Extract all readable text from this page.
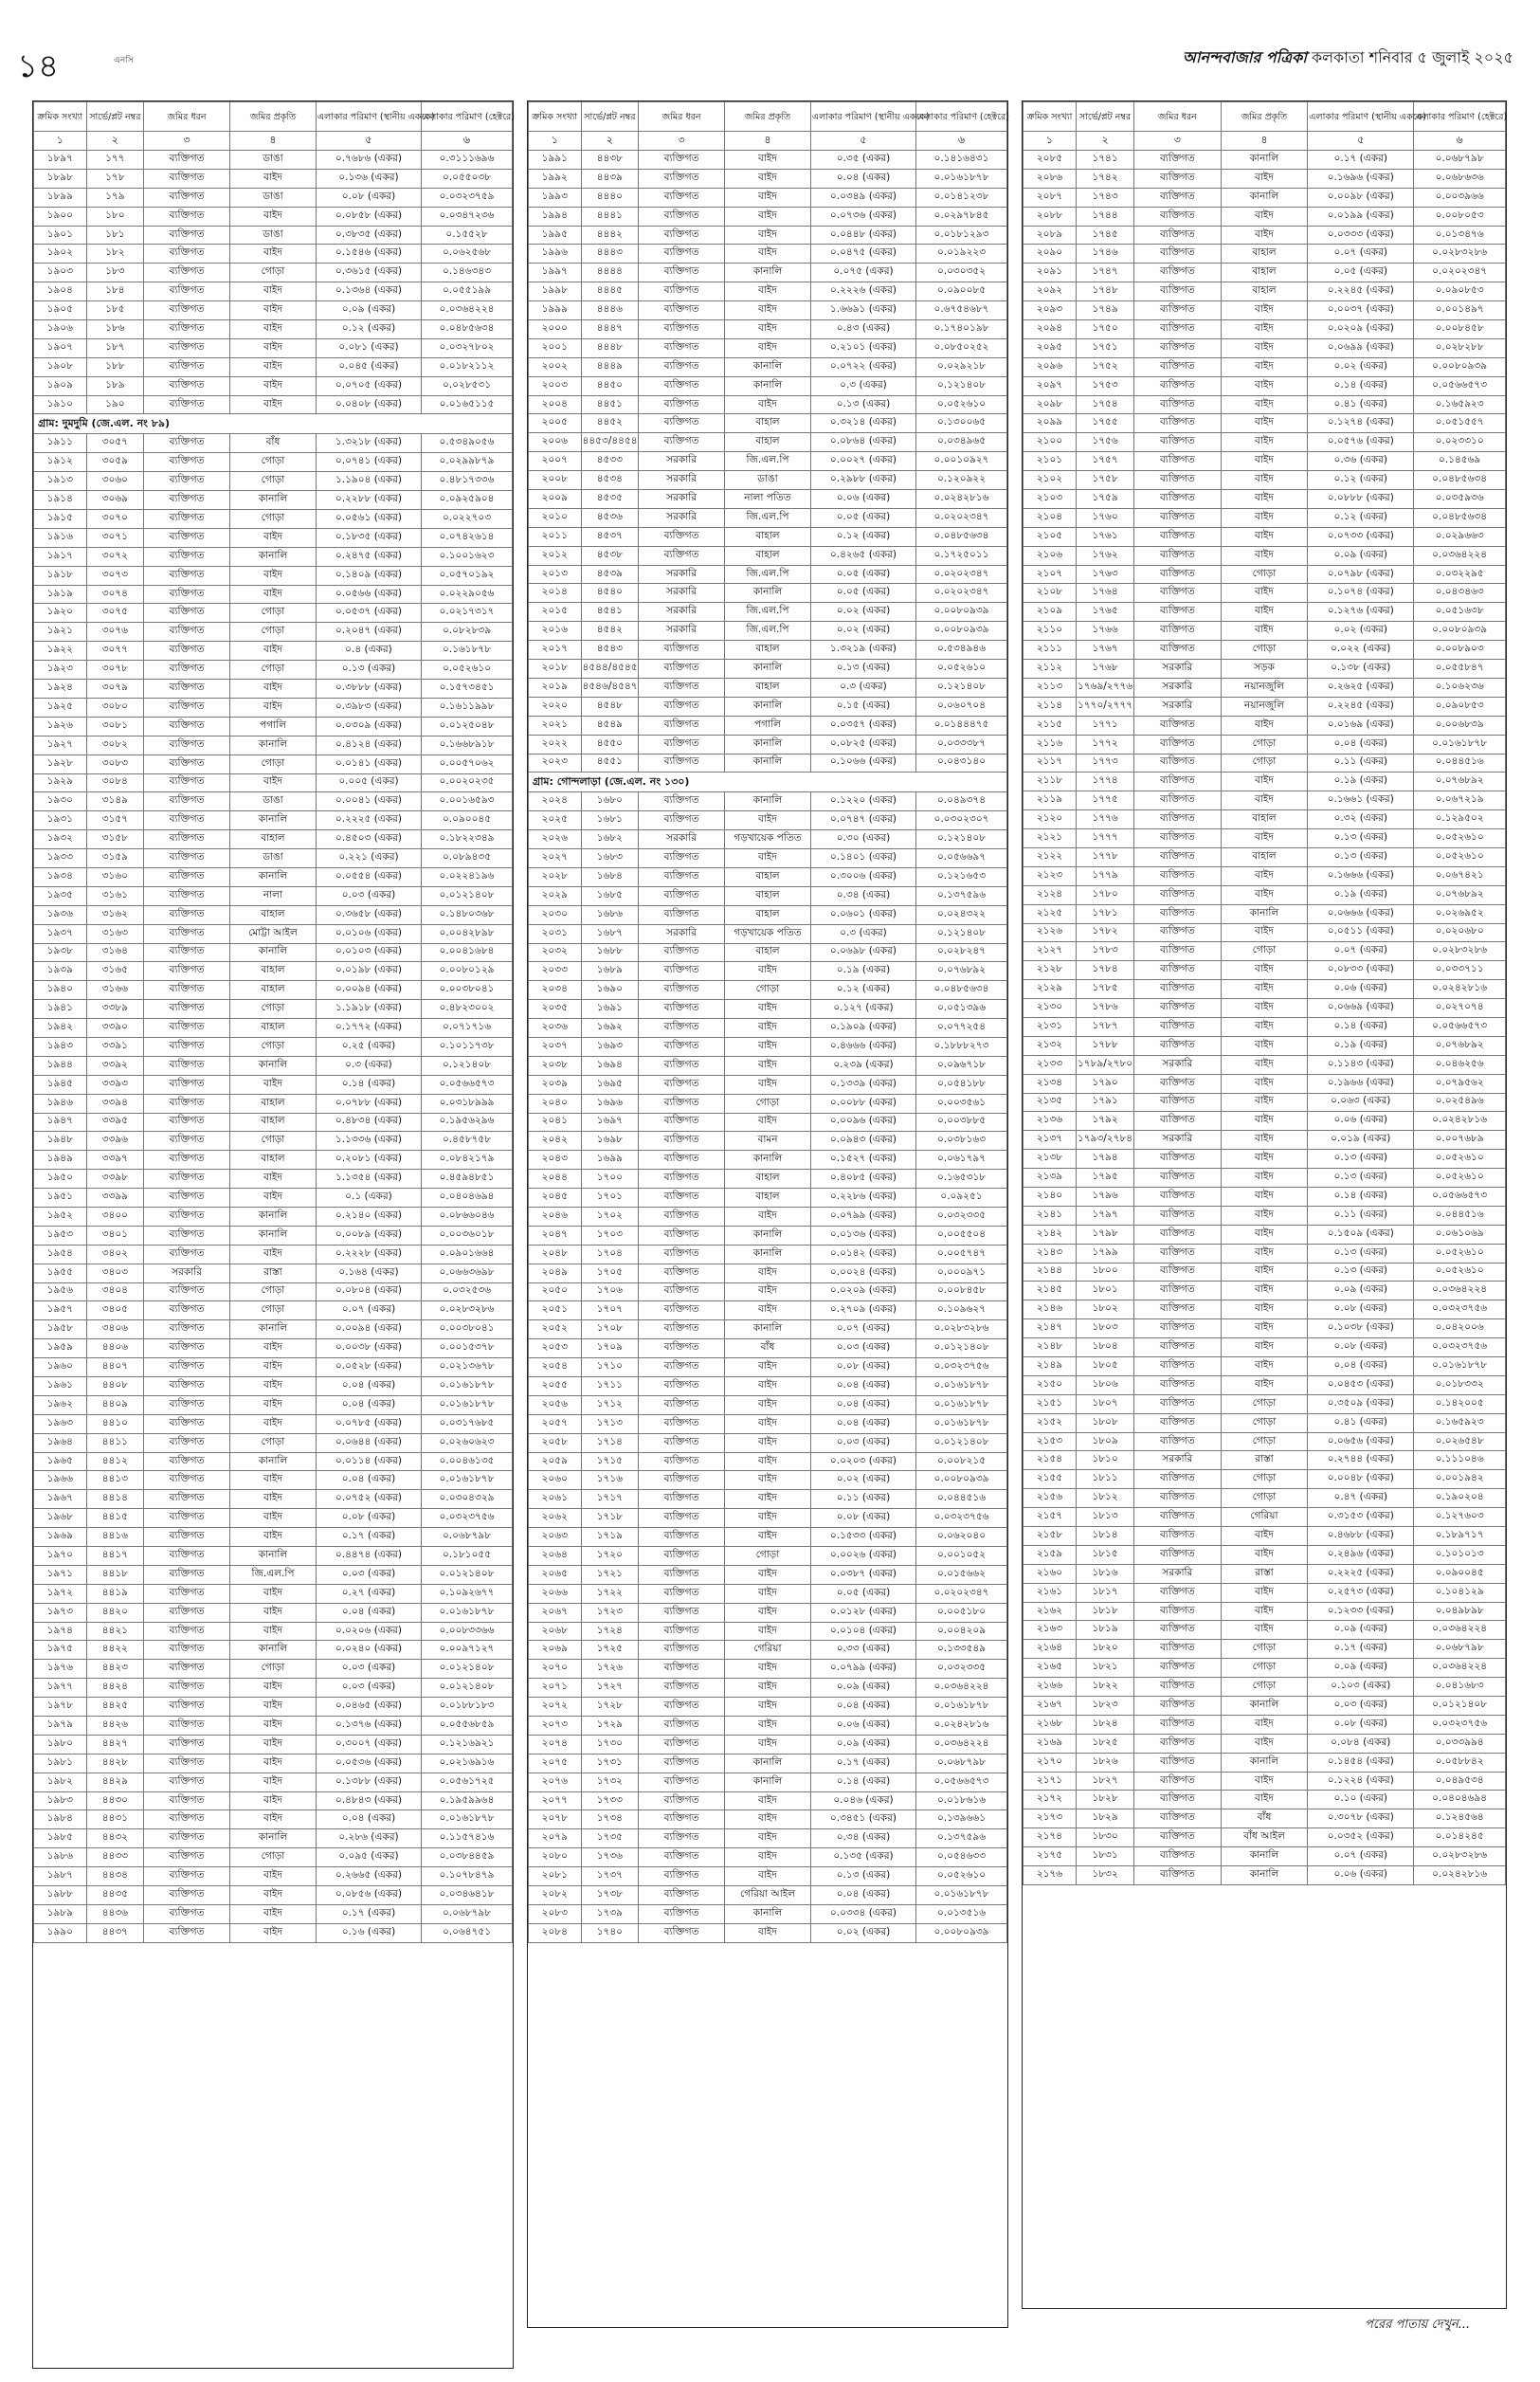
১৪	এনসি	আনন্দবাজার পত্রিকা কলকাতা শনিবার ৫ জুলাই ২০২৫
ক্রমিক সংখ্যা	সার্ভে/প্লট নম্বর	জমির ধরন	জমির প্রকৃতি	এলাকার পরিমাণ (স্থানীয় এককে)	এলাকার পরিমাণ (হেক্টরে)
১	২	৩	৪	৫	৬
১৮৯৭	১৭৭	ব্যক্তিগত	ডাঙা	০.৭৬৮৬ (একর)	০.৩১১১৬৯৬
১৮৯৮	১৭৮	ব্যক্তিগত	বাইদ	০.১৩৬ (একর)	০.০৫৫০৩৮
১৮৯৯	১৭৯	ব্যক্তিগত	ডাঙা	০.০৮ (একর)	০.০৩২৩৭৫৯
১৯০০	১৮০	ব্যক্তিগত	বাইদ	০.০৮৫৮ (একর)	০.০৩৪৭২৩৬
১৯০১	১৮১	ব্যক্তিগত	ডাঙা	০.৩৮৩৫ (একর)	০.১৫৫২৮
১৯০২	১৮২	ব্যক্তিগত	বাইদ	০.১৫৪৬ (একর)	০.০৬২৫৬৮
১৯০৩	১৮৩	ব্যক্তিগত	গোড়া	০.৩৬১৫ (একর)	০.১৪৬৩৪৩
১৯০৪	১৮৪	ব্যক্তিগত	বাইদ	০.১৩৬৪ (একর)	০.০৫৫১৯৯
১৯০৫	১৮৫	ব্যক্তিগত	বাইদ	০.০৯ (একর)	০.০৩৬৪২২৪
১৯০৬	১৮৬	ব্যক্তিগত	বাইদ	০.১২ (একর)	০.০৪৮৫৬৩৪
১৯০৭	১৮৭	ব্যক্তিগত	বাইদ	০.০৮১ (একর)	০.০৩২৭৮০২
১৯০৮	১৮৮	ব্যক্তিগত	বাইদ	০.০৪৫ (একর)	০.০১৮২১১২
১৯০৯	১৮৯	ব্যক্তিগত	বাইদ	০.০৭০৫ (একর)	০.০২৮৫৩১
১৯১০	১৯০	ব্যক্তিগত	বাইদ	০.০৪০৮ (একর)	০.০১৬৫১১৫
গ্রাম: দুমদুমি (জে.এল. নং ৮৯)					
১৯১১	৩০৫৭	ব্যক্তিগত	বাঁধ	১.৩২১৮ (একর)	০.৫৩৪৯০৫৬
১৯১২	৩০৫৯	ব্যক্তিগত	গোড়া	০.০৭৪১ (একর)	০.০২৯৯৮৭৯
১৯১৩	৩০৬০	ব্যক্তিগত	গোড়া	১.১৯০৪ (একর)	০.৪৮১৭৩৩৬
১৯১৪	৩০৬৯	ব্যক্তিগত	কানালি	০.২২৮৮ (একর)	০.০৯২৫৯০৪
১৯১৫	৩০৭০	ব্যক্তিগত	গোড়া	০.০৫৬১ (একর)	০.০২২৭০৩
১৯১৬	৩০৭১	ব্যক্তিগত	বাইদ	০.১৮৩৫ (একর)	০.০৭৪২৬১৪
১৯১৭	৩০৭২	ব্যক্তিগত	কানালি	০.২৪৭৫ (একর)	০.১০০১৬২৩
১৯১৮	৩০৭৩	ব্যক্তিগত	বাইদ	০.১৪০৯ (একর)	০.০৫৭০১৯২
১৯১৯	৩০৭৪	ব্যক্তিগত	বাইদ	০.০৫৬৬ (একর)	০.০২২৯০৫৬
১৯২০	৩০৭৫	ব্যক্তিগত	গোড়া	০.০৫৩৭ (একর)	০.০২১৭৩১৭
১৯২১	৩০৭৬	ব্যক্তিগত	গোড়া	০.২০৪৭ (একর)	০.০৮২৮৩৯
১৯২২	৩০৭৭	ব্যক্তিগত	বাইদ	০.৪ (একর)	০.১৬১৮৭৮
১৯২৩	৩০৭৮	ব্যক্তিগত	গোড়া	০.১৩ (একর)	০.০৫২৬১০
১৯২৪	৩০৭৯	ব্যক্তিগত	বাইদ	০.৩৮৮৮ (একর)	০.১৫৭৩৪৫১
১৯২৫	৩০৮০	ব্যক্তিগত	বাইদ	০.৩৯৮৩ (একর)	০.১৬১১৯৯৮
১৯২৬	৩০৮১	ব্যক্তিগত	পগালি	০.০৩০৯ (একর)	০.০১২৫০৪৮
১৯২৭	৩০৮২	ব্যক্তিগত	কানালি	০.৪১২৪ (একর)	০.১৬৬৮৯১৮
১৯২৮	৩০৮৩	ব্যক্তিগত	গোড়া	০.০১৪১ (একর)	০.০০৫৭০৬২
১৯২৯	৩০৮৪	ব্যক্তিগত	বাইদ	০.০০৫ (একর)	০.০০২০২৩৫
১৯৩০	৩১৪৯	ব্যক্তিগত	ডাঙা	০.০০৪১ (একর)	০.০০১৬৫৯৩
১৯৩১	৩১৫৭	ব্যক্তিগত	কানালি	০.২২২৫ (একর)	০.০৯০০৪৫
১৯৩২	৩১৫৮	ব্যক্তিগত	বাহাল	০.৪৫০৩ (একর)	০.১৮২২৩৪৯
১৯৩৩	৩১৫৯	ব্যক্তিগত	ডাঙা	০.২২১ (একর)	০.০৮৯৪৩৫
১৯৩৪	৩১৬০	ব্যক্তিগত	কানালি	০.০৫৫৪ (একর)	০.০২২৪১৯৬
১৯৩৫	৩১৬১	ব্যক্তিগত	নালা	০.০৩ (একর)	০.০১২১৪০৮
১৯৩৬	৩১৬২	ব্যক্তিগত	বাহাল	০.৩৬৫৮ (একর)	০.১৪৮০৩৬৮
১৯৩৭	৩১৬৩	ব্যক্তিগত	মোট্টা আইল	০.০১০৬ (একর)	০.০০৪২৮৯৮
১৯৩৮	৩১৬৪	ব্যক্তিগত	কানালি	০.০১০৩ (একর)	০.০০৪১৬৮৪
১৯৩৯	৩১৬৫	ব্যক্তিগত	বাহাল	০.০১৯৮ (একর)	০.০০৮০১২৯
১৯৪০	৩১৬৬	ব্যক্তিগত	বাহাল	০.০০৯৪ (একর)	০.০০৩৮০৪১
১৯৪১	৩৩৮৯	ব্যক্তিগত	গোড়া	১.১৯১৮ (একর)	০.৪৮২৩০০২
১৯৪২	৩৩৯০	ব্যক্তিগত	বাহাল	০.১৭৭২ (একর)	০.০৭১৭১৬
১৯৪৩	৩৩৯১	ব্যক্তিগত	গোড়া	০.২৫ (একর)	০.১০১১৭৩৮
১৯৪৪	৩৩৯২	ব্যক্তিগত	কানালি	০.৩ (একর)	০.১২১৪০৮
১৯৪৫	৩৩৯৩	ব্যক্তিগত	বাইদ	০.১৪ (একর)	০.০৫৬৬৫৭৩
১৯৪৬	৩৩৯৪	ব্যক্তিগত	বাহাল	০.০৭৮৮ (একর)	০.০৩১৮৯৯৯
১৯৪৭	৩৩৯৫	ব্যক্তিগত	বাহাল	০.৪৮৩৪ (একর)	০.১৯৫৬২৯৬
১৯৪৮	৩৩৯৬	ব্যক্তিগত	গোড়া	১.১৩৩৬ (একর)	০.৪৫৮৭৫৮
১৯৪৯	৩৩৯৭	ব্যক্তিগত	বাহাল	০.২০৮১ (একর)	০.০৮৪২১৭৯
১৯৫০	৩৩৯৮	ব্যক্তিগত	বাইদ	১.১৩৫৪ (একর)	০.৪৫৯৪৮৫১
১৯৫১	৩৩৯৯	ব্যক্তিগত	বাইদ	০.১ (একর)	০.০৪০৪৬৯৪
১৯৫২	৩৪০০	ব্যক্তিগত	কানালি	০.২১৪০ (একর)	০.০৮৬৬০৪৬
১৯৫৩	৩৪০১	ব্যক্তিগত	কানালি	০.০০৮৯ (একর)	০.০০৩৬০১৮
১৯৫৪	৩৪০২	ব্যক্তিগত	বাইদ	০.২২২৮ (একর)	০.০৯০১৬৬৪
১৯৫৫	৩৪০৩	সরকারি	রাস্তা	০.১৬৪ (একর)	০.০৬৬৩৬৯৮
১৯৫৬	৩৪০৪	ব্যক্তিগত	গোড়া	০.০৮০৪ (একর)	০.০৩২৫৩৬
১৯৫৭	৩৪০৫	ব্যক্তিগত	গোড়া	০.০৭ (একর)	০.০২৮৩২৮৬
১৯৫৮	৩৪০৬	ব্যক্তিগত	কানালি	০.০০৯৪ (একর)	০.০০৩৮০৪১
১৯৫৯	৪৪০৬	ব্যক্তিগত	বাইদ	০.০০৩৮ (একর)	০.০০১৫৩৭৮
১৯৬০	৪৪০৭	ব্যক্তিগত	বাইদ	০.০৫২৮ (একর)	০.০২১৩৬৭৮
১৯৬১	৪৪০৮	ব্যক্তিগত	বাইদ	০.০৪ (একর)	০.০১৬১৮৭৮
১৯৬২	৪৪০৯	ব্যক্তিগত	বাইদ	০.০৪ (একর)	০.০১৬১৮৭৮
১৯৬৩	৪৪১০	ব্যক্তিগত	বাইদ	০.০৭৮৫ (একর)	০.০৩১৭৬৮৫
১৯৬৪	৪৪১১	ব্যক্তিগত	গোড়া	০.০৬৪৪ (একর)	০.০২৬০৬২৩
১৯৬৫	৪৪১২	ব্যক্তিগত	কানালি	০.০১১৪ (একর)	০.০০৪৬১৩৫
১৯৬৬	৪৪১৩	ব্যক্তিগত	বাইদ	০.০৪ (একর)	০.০১৬১৮৭৮
১৯৬৭	৪৪১৪	ব্যক্তিগত	বাইদ	০.০৭৫২ (একর)	০.০৩০৪৩২৯
১৯৬৮	৪৪১৫	ব্যক্তিগত	বাইদ	০.০৮ (একর)	০.০৩২৩৭৫৬
১৯৬৯	৪৪১৬	ব্যক্তিগত	বাইদ	০.১৭ (একর)	০.০৬৮৭৯৮
১৯৭০	৪৪১৭	ব্যক্তিগত	কানালি	০.৪৪৭৪ (একর)	০.১৮১০৫৫
১৯৭১	৪৪১৮	ব্যক্তিগত	জি.এল.পি	০.০৩ (একর)	০.০১২১৪০৮
১৯৭২	৪৪১৯	ব্যক্তিগত	বাইদ	০.২৭ (একর)	০.১০৯২৬৭৭
১৯৭৩	৪৪২০	ব্যক্তিগত	বাইদ	০.০৪ (একর)	০.০১৬১৮৭৮
১৯৭৪	৪৪২১	ব্যক্তিগত	বাইদ	০.০২০৬ (একর)	০.০০৮৩৩৬৬
১৯৭৫	৪৪২২	ব্যক্তিগত	কানালি	০.০২৪০ (একর)	০.০০৯৭১২৭
১৯৭৬	৪৪২৩	ব্যক্তিগত	গোড়া	০.০৩ (একর)	০.০১২১৪০৮
১৯৭৭	৪৪২৪	ব্যক্তিগত	বাইদ	০.০৩ (একর)	০.০১২১৪০৮
১৯৭৮	৪৪২৫	ব্যক্তিগত	বাইদ	০.০৪৬৫ (একর)	০.০১৮৮১৮৩
১৯৭৯	৪৪২৬	ব্যক্তিগত	বাইদ	০.১৩৭৬ (একর)	০.০৫৫৬৮৫৯
১৯৮০	৪৪২৭	ব্যক্তিগত	বাইদ	০.৩০০৭ (একর)	০.১২১৬৯২১
১৯৮১	৪৪২৮	ব্যক্তিগত	বাইদ	০.০৫৩৬ (একর)	০.০২১৬৯১৬
১৯৮২	৪৪২৯	ব্যক্তিগত	বাইদ	০.১৩৮৮ (একর)	০.০৫৬১৭২৫
১৯৮৩	৪৪৩০	ব্যক্তিগত	বাইদ	০.৪৮৪৩ (একর)	০.১৯৫৯৯৬৪
১৯৮৪	৪৪৩১	ব্যক্তিগত	বাইদ	০.০৪ (একর)	০.০১৬১৮৭৮
১৯৮৫	৪৪৩২	ব্যক্তিগত	কানালি	০.২৮৬ (একর)	০.১১৫৭৪১৬
১৯৮৬	৪৪৩৩	ব্যক্তিগত	গোড়া	০.০৯৫ (একর)	০.০৩৮৪৪৫৯
১৯৮৭	৪৪৩৪	ব্যক্তিগত	বাইদ	০.২৬৬৫ (একর)	০.১০৭৮৪৭৯
১৯৮৮	৪৪৩৫	ব্যক্তিগত	বাইদ	০.০৮৫৬ (একর)	০.০৩৪৬৪১৮
১৯৮৯	৪৪৩৬	ব্যক্তিগত	বাইদ	০.১৭ (একর)	০.০৬৮৭৯৮
১৯৯০	৪৪৩৭	ব্যক্তিগত	বাইদ	০.১৬ (একর)	০.০৬৪৭৫১
ক্রমিক সংখ্যা	সার্ভে/প্লট নম্বর	জমির ধরন	জমির প্রকৃতি	এলাকার পরিমাণ (স্থানীয় এককে)	এলাকার পরিমাণ (হেক্টরে)
১	২	৩	৪	৫	৬
১৯৯১	৪৪৩৮	ব্যক্তিগত	বাইদ	০.৩৫ (একর)	০.১৪১৬৪৩১
১৯৯২	৪৪৩৯	ব্যক্তিগত	বাইদ	০.০৪ (একর)	০.০১৬১৮৭৮
১৯৯৩	৪৪৪০	ব্যক্তিগত	বাইদ	০.০৩৪৯ (একর)	০.০১৪১২৩৮
১৯৯৪	৪৪৪১	ব্যক্তিগত	বাইদ	০.০৭৩৬ (একর)	০.০২৯৭৮৪৫
১৯৯৫	৪৪৪২	ব্যক্তিগত	বাইদ	০.০৪৪৮ (একর)	০.০১৮১২৯৩
১৯৯৬	৪৪৪৩	ব্যক্তিগত	বাইদ	০.০৪৭৫ (একর)	০.০১৯২২৩
১৯৯৭	৪৪৪৪	ব্যক্তিগত	কানালি	০.০৭৫ (একর)	০.০৩০৩৫২
১৯৯৮	৪৪৪৫	ব্যক্তিগত	বাইদ	০.২২২৬ (একর)	০.০৯০০৮৫
১৯৯৯	৪৪৪৬	ব্যক্তিগত	বাইদ	১.৬৬৯১ (একর)	০.৬৭৫৪৬৮৭
২০০০	৪৪৪৭	ব্যক্তিগত	বাইদ	০.৪৩ (একর)	০.১৭৪০১৯৮
২০০১	৪৪৪৮	ব্যক্তিগত	বাইদ	০.২১০১ (একর)	০.০৮৫০২৫২
২০০২	৪৪৪৯	ব্যক্তিগত	কানালি	০.০৭২২ (একর)	০.০২৯২১৮
২০০৩	৪৪৫০	ব্যক্তিগত	কানালি	০.৩ (একর)	০.১২১৪০৮
২০০৪	৪৪৫১	ব্যক্তিগত	বাইদ	০.১৩ (একর)	০.০৫২৬১০
২০০৫	৪৪৫২	ব্যক্তিগত	বাহাল	০.৩২১৪ (একর)	০.১৩০০৬৫
২০০৬	৪৪৫৩/৪৪৫৪	ব্যক্তিগত	বাহাল	০.০৮৬৪ (একর)	০.০৩৪৯৬৫
২০০৭	৪৫৩৩	সরকারি	জি.এল.পি	০.০০২৭ (একর)	০.০০১০৯২৭
২০০৮	৪৫৩৪	সরকারি	ডাঙা	০.২৯৮৮ (একর)	০.১২০৯২২
২০০৯	৪৫৩৫	সরকারি	নালা পতিত	০.০৬ (একর)	০.০২৪২৮১৬
২০১০	৪৫৩৬	সরকারি	জি.এল.পি	০.০৫ (একর)	০.০২০২৩৪৭
২০১১	৪৫৩৭	ব্যক্তিগত	বাহাল	০.১২ (একর)	০.০৪৮৫৬৩৪
২০১২	৪৫৩৮	ব্যক্তিগত	বাহাল	০.৪২৬৫ (একর)	০.১৭২৫০১১
২০১৩	৪৫৩৯	সরকারি	জি.এল.পি	০.০৫ (একর)	০.০২০২৩৪৭
২০১৪	৪৫৪০	সরকারি	কানালি	০.০৫ (একর)	০.০২০২৩৪৭
২০১৫	৪৫৪১	সরকারি	জি.এল.পি	০.০২ (একর)	০.০০৮০৯৩৯
২০১৬	৪৫৪২	সরকারি	জি.এল.পি	০.০২ (একর)	০.০০৮০৯৩৯
২০১৭	৪৫৪৩	ব্যক্তিগত	বাহাল	১.৩২১৯ (একর)	০.৫৩৪৯৪৬
২০১৮	৪৫৪৪/৪৫৪৫	ব্যক্তিগত	কানালি	০.১৩ (একর)	০.০৫২৬১০
২০১৯	৪৫৪৬/৪৫৪৭	ব্যক্তিগত	বাহাল	০.৩ (একর)	০.১২১৪০৮
২০২০	৪৫৪৮	ব্যক্তিগত	কানালি	০.১৫ (একর)	০.০৬০৭০৪
২০২১	৪৫৪৯	ব্যক্তিগত	পগালি	০.০৩৫৭ (একর)	০.০১৪৪৪৭৫
২০২২	৪৫৫০	ব্যক্তিগত	কানালি	০.০৮২৫ (একর)	০.০৩৩৩৮৭
২০২৩	৪৫৫১	ব্যক্তিগত	কানালি	০.১০৬৬ (একর)	০.০৪৩১৪০
গ্রাম: গোন্দলাড়া (জে.এল. নং ১৩০)					
২০২৪	১৬৮০	ব্যক্তিগত	কানালি	০.১২২০ (একর)	০.০৪৯৩৭৪
২০২৫	১৬৮১	ব্যক্তিগত	বাইদ	০.০৭৪৭ (একর)	০.০৩০২৩০৭
২০২৬	১৬৮২	সরকারি	গড়খায়েক পতিত	০.৩০ (একর)	০.১২১৪০৮
২০২৭	১৬৮৩	ব্যক্তিগত	বাইদ	০.১৪০১ (একর)	০.০৫৬৬৯৭
২০২৮	১৬৮৪	ব্যক্তিগত	বাহাল	০.৩০০৬ (একর)	০.১২১৬৫৩
২০২৯	১৬৮৫	ব্যক্তিগত	বাহাল	০.৩৪ (একর)	০.১৩৭৫৯৬
২০৩০	১৬৮৬	ব্যক্তিগত	বাহাল	০.০৬০১ (একর)	০.০২৪৩২২
২০৩১	১৬৮৭	সরকারি	গড়খায়েক পতিত	০.৩ (একর)	০.১২১৪০৮
২০৩২	১৬৮৮	ব্যক্তিগত	বাহাল	০.০৬৯৮ (একর)	০.০২৮২৪৭
২০৩৩	১৬৮৯	ব্যক্তিগত	বাইদ	০.১৯ (একর)	০.০৭৬৮৯২
২০৩৪	১৬৯০	ব্যক্তিগত	গোড়া	০.১২ (একর)	০.০৪৮৫৬৩৪
২০৩৫	১৬৯১	ব্যক্তিগত	বাইদ	০.১২৭ (একর)	০.০৫১৩৯৬
২০৩৬	১৬৯২	ব্যক্তিগত	বাইদ	০.১৯০৯ (একর)	০.০৭৭২৫৪
২০৩৭	১৬৯৩	ব্যক্তিগত	বাইদ	০.৪৬৬৬ (একর)	০.১৮৮৮২৭৩
২০৩৮	১৬৯৪	ব্যক্তিগত	বাইদ	০.২৩৯ (একর)	০.০৯৬৭১৮
২০৩৯	১৬৯৫	ব্যক্তিগত	বাইদ	০.১৩৩৯ (একর)	০.০৫৪১৮৮
২০৪০	১৬৯৬	ব্যক্তিগত	গোড়া	০.০০৮৮ (একর)	০.০০৩৫৬১
২০৪১	১৬৯৭	ব্যক্তিগত	বাইদ	০.০০৯৬ (একর)	০.০০৩৮৮৫
২০৪২	১৬৯৮	ব্যক্তিগত	বামন	০.০৯৪৩ (একর)	০.০৩৮১৬৩
২০৪৩	১৬৯৯	ব্যক্তিগত	কানালি	০.১৫২৭ (একর)	০.০৬১৭৯৭
২০৪৪	১৭০০	ব্যক্তিগত	বাহাল	০.৪০৮৫ (একর)	০.১৬৫৩১৮
২০৪৫	১৭০১	ব্যক্তিগত	বাহাল	০.২২৮৬ (একর)	০.০৯২৫১
২০৪৬	১৭০২	ব্যক্তিগত	বাইদ	০.০৭৯৯ (একর)	০.০৩২৩৩৫
২০৪৭	১৭০৩	ব্যক্তিগত	কানালি	০.০১৩৬ (একর)	০.০০৫৫০৪
২০৪৮	১৭০৪	ব্যক্তিগত	কানালি	০.০১৪২ (একর)	০.০০৫৭৪৭
২০৪৯	১৭০৫	ব্যক্তিগত	বাইদ	০.০০২৪ (একর)	০.০০০৯৭১
২০৫০	১৭০৬	ব্যক্তিগত	বাইদ	০.০২০৯ (একর)	০.০০৮৪৫৮
২০৫১	১৭০৭	ব্যক্তিগত	বাইদ	০.২৭০৯ (একর)	০.১০৯৬২৭
২০৫২	১৭০৮	ব্যক্তিগত	কানালি	০.০৭ (একর)	০.০২৮৩২৮৬
২০৫৩	১৭০৯	ব্যক্তিগত	বাঁধ	০.০৩ (একর)	০.০১২১৪০৮
২০৫৪	১৭১০	ব্যক্তিগত	বাইদ	০.০৮ (একর)	০.০৩২৩৭৫৬
২০৫৫	১৭১১	ব্যক্তিগত	বাইদ	০.০৪ (একর)	০.০১৬১৮৭৮
২০৫৬	১৭১২	ব্যক্তিগত	বাইদ	০.০৪ (একর)	০.০১৬১৮৭৮
২০৫৭	১৭১৩	ব্যক্তিগত	বাইদ	০.০৪ (একর)	০.০১৬১৮৭৮
২০৫৮	১৭১৪	ব্যক্তিগত	বাইদ	০.০৩ (একর)	০.০১২১৪০৮
২০৫৯	১৭১৫	ব্যক্তিগত	বাইদ	০.০২০৩ (একর)	০.০০৮২১৫
২০৬০	১৭১৬	ব্যক্তিগত	বাইদ	০.০২ (একর)	০.০০৮০৯৩৯
২০৬১	১৭১৭	ব্যক্তিগত	বাইদ	০.১১ (একর)	০.০৪৪৫১৬
২০৬২	১৭১৮	ব্যক্তিগত	বাইদ	০.০৮ (একর)	০.০৩২৩৭৫৬
২০৬৩	১৭১৯	ব্যক্তিগত	বাইদ	০.১৫৩৩ (একর)	০.০৬২০৪০
২০৬৪	১৭২০	ব্যক্তিগত	গোড়া	০.০০২৬ (একর)	০.০০১০৫২
২০৬৫	১৭২১	ব্যক্তিগত	বাইদ	০.০৩৮৭ (একর)	০.০১৫৬৬২
২০৬৬	১৭২২	ব্যক্তিগত	বাইদ	০.০৫ (একর)	০.০২০২৩৪৭
২০৬৭	১৭২৩	ব্যক্তিগত	বাইদ	০.০১২৮ (একর)	০.০০৫১৮০
২০৬৮	১৭২৪	ব্যক্তিগত	বাইদ	০.০১০৪ (একর)	০.০০৪২০৯
২০৬৯	১৭২৫	ব্যক্তিগত	গেরিয়া	০.৩৩ (একর)	০.১৩৩৫৪৯
২০৭০	১৭২৬	ব্যক্তিগত	বাইদ	০.০৭৯৯ (একর)	০.০৩২৩৩৫
২০৭১	১৭২৭	ব্যক্তিগত	বাইদ	০.০৯ (একর)	০.০৩৬৪২২৪
২০৭২	১৭২৮	ব্যক্তিগত	বাইদ	০.০৪ (একর)	০.০১৬১৮৭৮
২০৭৩	১৭২৯	ব্যক্তিগত	বাইদ	০.০৬ (একর)	০.০২৪২৮১৬
২০৭৪	১৭৩০	ব্যক্তিগত	বাইদ	০.০৯ (একর)	০.০৩৬৪২২৪
২০৭৫	১৭৩১	ব্যক্তিগত	কানালি	০.১৭ (একর)	০.০৬৮৭৯৮
২০৭৬	১৭৩২	ব্যক্তিগত	কানালি	০.১৪ (একর)	০.০৫৬৬৫৭৩
২০৭৭	১৭৩৩	ব্যক্তিগত	বাইদ	০.০৪৬ (একর)	০.০১৮৬১৬
২০৭৮	১৭৩৪	ব্যক্তিগত	বাইদ	০.৩৪৫১ (একর)	০.১৩৯৬৬১
২০৭৯	১৭৩৫	ব্যক্তিগত	বাইদ	০.৩৪ (একর)	০.১৩৭৫৯৬
২০৮০	১৭৩৬	ব্যক্তিগত	বাইদ	০.১৩৫ (একর)	০.০৫৪৬৩৩
২০৮১	১৭৩৭	ব্যক্তিগত	বাইদ	০.১৩ (একর)	০.০৫২৬১০
২০৮২	১৭৩৮	ব্যক্তিগত	গেরিয়া আইল	০.০৪ (একর)	০.০১৬১৮৭৮
২০৮৩	১৭৩৯	ব্যক্তিগত	কানালি	০.০৩৩৪ (একর)	০.০১৩৫১৬
২০৮৪	১৭৪০	ব্যক্তিগত	বাইদ	০.০২ (একর)	০.০০৮০৯৩৯
ক্রমিক সংখ্যা	সার্ভে/প্লট নম্বর	জমির ধরন	জমির প্রকৃতি	এলাকার পরিমাণ (স্থানীয় এককে)	এলাকার পরিমাণ (হেক্টরে)
১	২	৩	৪	৫	৬
২০৮৫	১৭৪১	ব্যক্তিগত	কানালি	০.১৭ (একর)	০.০৬৮৭৯৮
২০৮৬	১৭৪২	ব্যক্তিগত	বাইদ	০.১৬৯৬ (একর)	০.০৬৮৬৩৬
২০৮৭	১৭৪৩	ব্যক্তিগত	কানালি	০.০০৯৮ (একর)	০.০০৩৯৬৬
২০৮৮	১৭৪৪	ব্যক্তিগত	বাইদ	০.০১৯৯ (একর)	০.০০৮০৫৩
২০৮৯	১৭৪৫	ব্যক্তিগত	বাইদ	০.০৩৩৩ (একর)	০.০১৩৪৭৬
২০৯০	১৭৪৬	ব্যক্তিগত	বাহাল	০.০৭ (একর)	০.০২৮৩২৮৬
২০৯১	১৭৪৭	ব্যক্তিগত	বাহাল	০.০৫ (একর)	০.০২০২৩৪৭
২০৯২	১৭৪৮	ব্যক্তিগত	বাহাল	০.২২৪৫ (একর)	০.০৯০৮৫৩
২০৯৩	১৭৪৯	ব্যক্তিগত	বাইদ	০.০০৩৭ (একর)	০.০০১৪৯৭
২০৯৪	১৭৫০	ব্যক্তিগত	বাইদ	০.০২০৯ (একর)	০.০০৮৪৫৮
২০৯৫	১৭৫১	ব্যক্তিগত	বাইদ	০.০৬৯৯ (একর)	০.০২৮২৮৮
২০৯৬	১৭৫২	ব্যক্তিগত	বাইদ	০.০২ (একর)	০.০০৮০৯৩৯
২০৯৭	১৭৫৩	ব্যক্তিগত	বাইদ	০.১৪ (একর)	০.০৫৬৬৫৭৩
২০৯৮	১৭৫৪	ব্যক্তিগত	বাইদ	০.৪১ (একর)	০.১৬৫৯২৩
২০৯৯	১৭৫৫	ব্যক্তিগত	বাইদ	০.১২৭৪ (একর)	০.০৫১৫৫৭
২১০০	১৭৫৬	ব্যক্তিগত	বাইদ	০.০৫৭৬ (একর)	০.০২৩৩১০
২১০১	১৭৫৭	ব্যক্তিগত	বাইদ	০.৩৬ (একর)	০.১৪৫৬৯
২১০২	১৭৫৮	ব্যক্তিগত	বাইদ	০.১২ (একর)	০.০৪৮৫৬৩৪
২১০৩	১৭৫৯	ব্যক্তিগত	বাইদ	০.০৮৮৮ (একর)	০.০৩৫৯৩৬
২১০৪	১৭৬০	ব্যক্তিগত	বাইদ	০.১২ (একর)	০.০৪৮৫৬৩৪
২১০৫	১৭৬১	ব্যক্তিগত	বাইদ	০.০৭৩৩ (একর)	০.০২৯৬৬৩
২১০৬	১৭৬২	ব্যক্তিগত	বাইদ	০.০৯ (একর)	০.০৩৬৪২২৪
২১০৭	১৭৬৩	ব্যক্তিগত	গোড়া	০.০৭৯৮ (একর)	০.০৩২২৯৫
২১০৮	১৭৬৪	ব্যক্তিগত	বাইদ	০.১০৭৪ (একর)	০.০৪৩৪৬৩
২১০৯	১৭৬৫	ব্যক্তিগত	বাইদ	০.১২৭৬ (একর)	০.০৫১৬৩৮
২১১০	১৭৬৬	ব্যক্তিগত	বাইদ	০.০২ (একর)	০.০০৮০৯৩৯
২১১১	১৭৬৭	ব্যক্তিগত	গোড়া	০.০২২ (একর)	০.০০৮৯০৩
২১১২	১৭৬৮	সরকারি	সড়ক	০.১৩৮ (একর)	০.০৫৫৮৪৭
২১১৩	১৭৬৯/২৭৭৬	সরকারি	নয়ানজুলি	০.২৬২৫ (একর)	০.১০৬২৩৬
২১১৪	১৭৭০/২৭৭৭	সরকারি	নয়ানজুলি	০.২২৪৫ (একর)	০.০৯০৮৫৩
২১১৫	১৭৭১	ব্যক্তিগত	বাইদ	০.০১৬৯ (একর)	০.০০৬৮৩৯
২১১৬	১৭৭২	ব্যক্তিগত	গোড়া	০.০৪ (একর)	০.০১৬১৮৭৮
২১১৭	১৭৭৩	ব্যক্তিগত	গোড়া	০.১১ (একর)	০.০৪৪৫১৬
২১১৮	১৭৭৪	ব্যক্তিগত	বাইদ	০.১৯ (একর)	০.০৭৬৮৯২
২১১৯	১৭৭৫	ব্যক্তিগত	বাইদ	০.১৬৬১ (একর)	০.০৬৭২১৯
২১২০	১৭৭৬	ব্যক্তিগত	বাহাল	০.৩২ (একর)	০.১২৯৫০২
২১২১	১৭৭৭	ব্যক্তিগত	বাইদ	০.১৩ (একর)	০.০৫২৬১০
২১২২	১৭৭৮	ব্যক্তিগত	বাহাল	০.১৩ (একর)	০.০৫২৬১০
২১২৩	১৭৭৯	ব্যক্তিগত	বাইদ	০.১৬৬৬ (একর)	০.০৬৭৪২১
২১২৪	১৭৮০	ব্যক্তিগত	বাইদ	০.১৯ (একর)	০.০৭৬৮৯২
২১২৫	১৭৮১	ব্যক্তিগত	কানালি	০.০৬৬৬ (একর)	০.০২৬৯৫২
২১২৬	১৭৮২	ব্যক্তিগত	বাইদ	০.০৫১১ (একর)	০.০২০৬৮০
২১২৭	১৭৮৩	ব্যক্তিগত	গোড়া	০.০৭ (একর)	০.০২৮৩২৮৬
২১২৮	১৭৮৪	ব্যক্তিগত	বাইদ	০.০৮৩৩ (একর)	০.০৩৩৭১১
২১২৯	১৭৮৫	ব্যক্তিগত	বাইদ	০.০৬ (একর)	০.০২৪২৮১৬
২১৩০	১৭৮৬	ব্যক্তিগত	বাইদ	০.০৬৬৯ (একর)	০.০২৭০৭৪
২১৩১	১৭৮৭	ব্যক্তিগত	বাইদ	০.১৪ (একর)	০.০৫৬৬৫৭৩
২১৩২	১৭৮৮	ব্যক্তিগত	বাইদ	০.১৯ (একর)	০.০৭৬৮৯২
২১৩৩	১৭৮৯/২৭৮০	সরকারি	বাইদ	০.১১৪৩ (একর)	০.০৪৬২৫৬
২১৩৪	১৭৯০	ব্যক্তিগত	বাইদ	০.১৯৬৬ (একর)	০.০৭৯৫৬২
২১৩৫	১৭৯১	ব্যক্তিগত	বাইদ	০.০৬৩ (একর)	০.০২৫৪৯৬
২১৩৬	১৭৯২	ব্যক্তিগত	বাইদ	০.০৬ (একর)	০.০২৪২৮১৬
২১৩৭	১৭৯৩/২৭৮৪	সরকারি	বাইদ	০.০১৯ (একর)	০.০০৭৬৮৯
২১৩৮	১৭৯৪	ব্যক্তিগত	বাইদ	০.১৩ (একর)	০.০৫২৬১০
২১৩৯	১৭৯৫	ব্যক্তিগত	বাইদ	০.১৩ (একর)	০.০৫২৬১০
২১৪০	১৭৯৬	ব্যক্তিগত	বাইদ	০.১৪ (একর)	০.০৫৬৬৫৭৩
২১৪১	১৭৯৭	ব্যক্তিগত	বাইদ	০.১১ (একর)	০.০৪৪৫১৬
২১৪২	১৭৯৮	ব্যক্তিগত	বাইদ	০.১৫০৯ (একর)	০.০৬১০৬৯
২১৪৩	১৭৯৯	ব্যক্তিগত	বাইদ	০.১৩ (একর)	০.০৫২৬১০
২১৪৪	১৮০০	ব্যক্তিগত	বাইদ	০.১৩ (একর)	০.০৫২৬১০
২১৪৫	১৮০১	ব্যক্তিগত	বাইদ	০.০৯ (একর)	০.০৩৬৪২২৪
২১৪৬	১৮০২	ব্যক্তিগত	বাইদ	০.০৮ (একর)	০.০৩২৩৭৫৬
২১৪৭	১৮০৩	ব্যক্তিগত	বাইদ	০.১০৩৮ (একর)	০.০৪২০০৬
২১৪৮	১৮০৪	ব্যক্তিগত	বাইদ	০.০৮ (একর)	০.০৩২৩৭৫৬
২১৪৯	১৮০৫	ব্যক্তিগত	বাইদ	০.০৪ (একর)	০.০১৬১৮৭৮
২১৫০	১৮০৬	ব্যক্তিগত	বাইদ	০.০৪৫৩ (একর)	০.০১৮৩৩২
২১৫১	১৮০৭	ব্যক্তিগত	গোড়া	০.৩৫০৯ (একর)	০.১৪২০০৫
২১৫২	১৮০৮	ব্যক্তিগত	গোড়া	০.৪১ (একর)	০.১৬৫৯২৩
২১৫৩	১৮০৯	ব্যক্তিগত	গোড়া	০.০৬৫৬ (একর)	০.০২৬৫৪৮
২১৫৪	১৮১০	সরকারি	রাস্তা	০.২৭৪৪ (একর)	০.১১১০৪৬
২১৫৫	১৮১১	ব্যক্তিগত	গোড়া	০.০০৪৮ (একর)	০.০০১৯৪২
২১৫৬	১৮১২	ব্যক্তিগত	গোড়া	০.৪৭ (একর)	০.১৯০২০৪
২১৫৭	১৮১৩	ব্যক্তিগত	গেরিয়া	০.৩১৫৩ (একর)	০.১২৭৬০৩
২১৫৮	১৮১৪	ব্যক্তিগত	বাইদ	০.৪৬৮৮ (একর)	০.১৮৯৭১৭
২১৫৯	১৮১৫	ব্যক্তিগত	বাইদ	০.২৪৯৬ (একর)	০.১০১০১৩
২১৬০	১৮১৬	সরকারি	রাস্তা	০.২২২৫ (একর)	০.০৯০০৪৫
২১৬১	১৮১৭	ব্যক্তিগত	বাইদ	০.২৫৭৩ (একর)	০.১০৪১২৯
২১৬২	১৮১৮	ব্যক্তিগত	বাইদ	০.১২৩৩ (একর)	০.০৪৯৮৯৮
২১৬৩	১৮১৯	ব্যক্তিগত	বাইদ	০.০৯ (একর)	০.০৩৬৪২২৪
২১৬৪	১৮২০	ব্যক্তিগত	গোড়া	০.১৭ (একর)	০.০৬৮৭৯৮
২১৬৫	১৮২১	ব্যক্তিগত	গোড়া	০.০৯ (একর)	০.০৩৬৪২২৪
২১৬৬	১৮২২	ব্যক্তিগত	গোড়া	০.১০৩ (একর)	০.০৪১৬৮৩
২১৬৭	১৮২৩	ব্যক্তিগত	কানালি	০.০৩ (একর)	০.০১২১৪০৮
২১৬৮	১৮২৪	ব্যক্তিগত	বাইদ	০.০৮ (একর)	০.০৩২৩৭৫৬
২১৬৯	১৮২৫	ব্যক্তিগত	বাইদ	০.০৮৪ (একর)	০.০৩৩৯৯৪
২১৭০	১৮২৬	ব্যক্তিগত	কানালি	০.১৪৫৪ (একর)	০.০৫৮৮৪২
২১৭১	১৮২৭	ব্যক্তিগত	বাইদ	০.১২২৪ (একর)	০.০৪৯৫৩৪
২১৭২	১৮২৮	ব্যক্তিগত	বাইদ	০.১০ (একর)	০.০৪০৪৬৯৪
২১৭৩	১৮২৯	ব্যক্তিগত	বাঁধ	০.৩০৭৮ (একর)	০.১২৪৫৬৪
২১৭৪	১৮৩০	ব্যক্তিগত	বাঁধ আইল	০.০৩৫২ (একর)	০.০১৪২৪৫
২১৭৫	১৮৩১	ব্যক্তিগত	কানালি	০.০৭ (একর)	০.০২৮৩২৮৬
২১৭৬	১৮৩২	ব্যক্তিগত	কানালি	০.০৬ (একর)	০.০২৪২৮১৬
পরের পাতায় দেখুন...
